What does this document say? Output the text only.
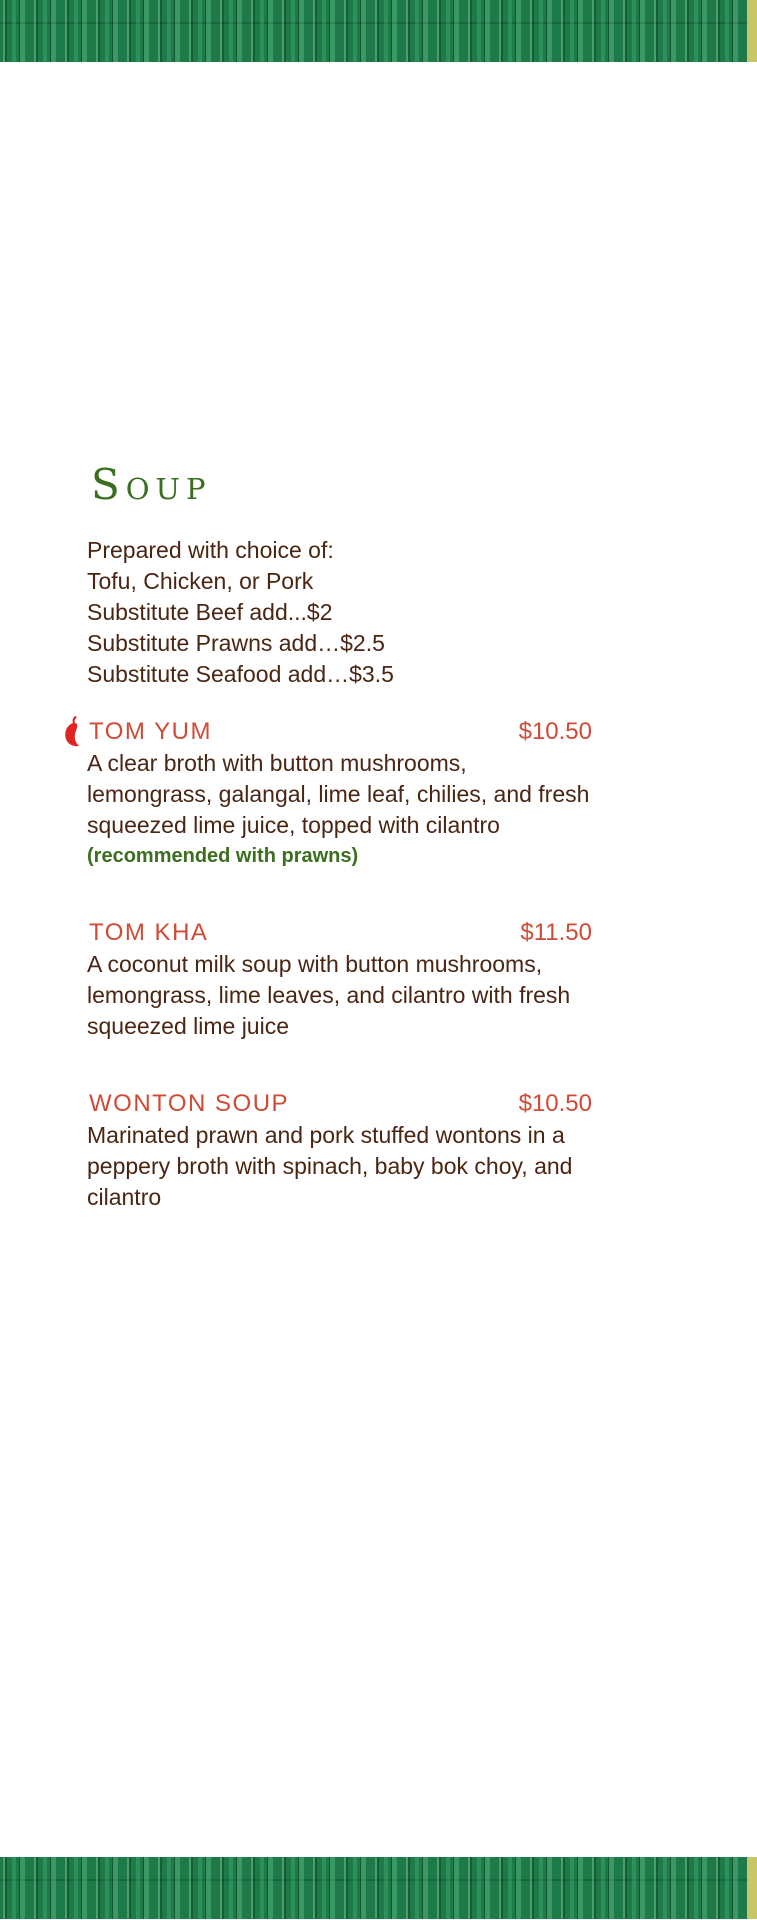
Soup
Prepared with choice of:
Tofu, Chicken, or Pork
Substitute Beef add...$2
Substitute Prawns add…$2.5
Substitute Seafood add…$3.5
TOM YUM	$10.50
A clear broth with button mushrooms, lemongrass, galangal, lime leaf, chilies, and fresh squeezed lime juice, topped with cilantro
(recommended with prawns)
TOM KHA	$11.50
A coconut milk soup with button mushrooms, lemongrass, lime leaves, and cilantro with fresh squeezed lime juice
WONTON SOUP	$10.50
Marinated prawn and pork stuffed wontons in a peppery broth with spinach, baby bok choy, and cilantro
